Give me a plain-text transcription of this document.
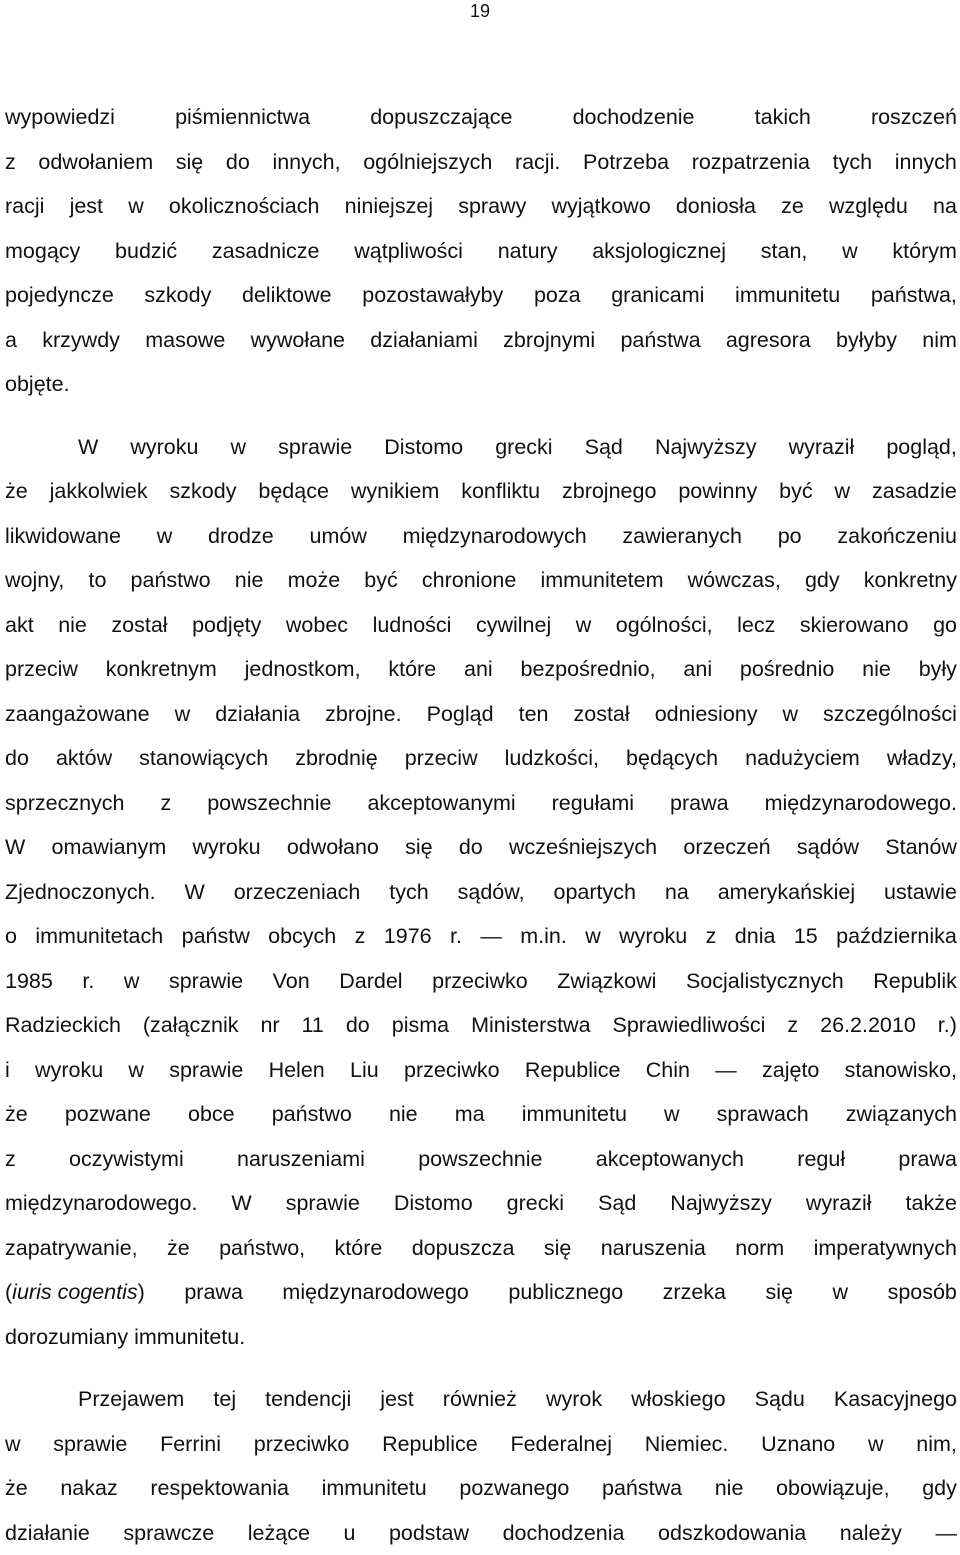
19
wypowiedzi	piśmiennictwa	dopuszczające	dochodzenie	takich	roszczeń
z odwołaniem się do innych, ogólniejszych racji. Potrzeba rozpatrzenia tych innych
racji jest w okolicznościach niniejszej sprawy wyjątkowo doniosła ze względu na
mogący budzić zasadnicze wątpliwości natury aksjologicznej stan, w którym
pojedyncze szkody deliktowe pozostawałyby poza granicami immunitetu państwa,
a krzywdy masowe wywołane działaniami zbrojnymi państwa agresora byłyby nim
objęte.
W wyroku w sprawie Distomo grecki Sąd Najwyższy wyraził pogląd,
że jakkolwiek szkody będące wynikiem konfliktu zbrojnego powinny być w zasadzie
likwidowane w drodze umów międzynarodowych zawieranych po zakończeniu
wojny, to państwo nie może być chronione immunitetem wówczas, gdy konkretny
akt nie został podjęty wobec ludności cywilnej w ogólności, lecz skierowano go
przeciw konkretnym jednostkom, które ani bezpośrednio, ani pośrednio nie były
zaangażowane w działania zbrojne. Pogląd ten został odniesiony w szczególności
do aktów stanowiących zbrodnię przeciw ludzkości, będących nadużyciem władzy,
sprzecznych z powszechnie akceptowanymi regułami prawa międzynarodowego.
W omawianym wyroku odwołano się do wcześniejszych orzeczeń sądów Stanów
Zjednoczonych. W orzeczeniach tych sądów, opartych na amerykańskiej ustawie
o immunitetach państw obcych z 1976 r. — m.in. w wyroku z dnia 15 października
1985 r. w sprawie Von Dardel przeciwko Związkowi Socjalistycznych Republik
Radzieckich (załącznik nr 11 do pisma Ministerstwa Sprawiedliwości z 26.2.2010 r.)
i wyroku w sprawie Helen Liu przeciwko Republice Chin — zajęto stanowisko,
że pozwane obce państwo nie ma immunitetu w sprawach związanych
z oczywistymi naruszeniami powszechnie akceptowanych reguł prawa
międzynarodowego. W sprawie Distomo grecki Sąd Najwyższy wyraził także
zapatrywanie, że państwo, które dopuszcza się naruszenia norm imperatywnych
(iuris cogentis) prawa międzynarodowego publicznego zrzeka się w sposób
dorozumiany immunitetu.
Przejawem tej tendencji jest również wyrok włoskiego Sądu Kasacyjnego
w sprawie Ferrini przeciwko Republice Federalnej Niemiec. Uznano w nim,
że nakaz respektowania immunitetu pozwanego państwa nie obowiązuje, gdy
działanie sprawcze leżące u podstaw dochodzenia odszkodowania należy —
